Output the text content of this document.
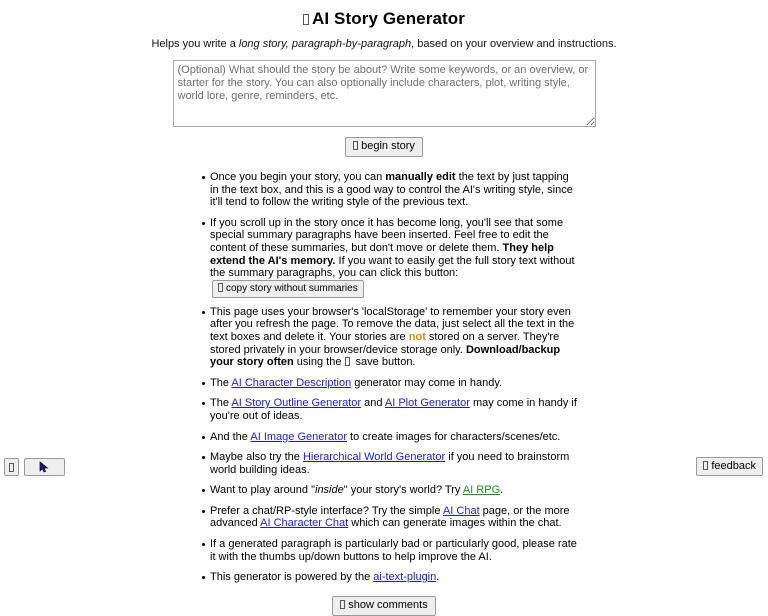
AI Story Generator

Helps you write a long story, paragraph-by-paragraph, based on your overview and instructions.

(Optional) What should the story be about? Write some keywords, or an overview, or starter for the story. You can also optionally include characters, plot, writing style, world lore, genre, reminders, etc.
begin story
Once you begin your story, you can manually edit the text by just tapping in the text box, and this is a good way to control the AI's writing style, since it'll tend to follow the writing style of the previous text.
If you scroll up in the story once it has become long, you'll see that some special summary paragraphs have been inserted. Feel free to edit the content of these summaries, but don't move or delete them. They help extend the AI's memory. If you want to easily get the full story text without the summary paragraphs, you can click this button:copy story without summaries
This page uses your browser's 'localStorage' to remember your story even after you refresh the page. To remove the data, just select all the text in the text boxes and delete it. Your stories are not stored on a server. They're stored privately in your browser/device storage only. Download/backup your story often using the  save button.
The AI Character Description generator may come in handy.
The AI Story Outline Generator and AI Plot Generator may come in handy if you're out of ideas.
And the AI Image Generator to create images for characters/scenes/etc.
Maybe also try the Hierarchical World Generator if you need to brainstorm world building ideas.
Want to play around "inside" your story's world? Try AI RPG.
Prefer a chat/RP-style interface? Try the simple AI Chat page, or the more advanced AI Character Chat which can generate images within the chat.
If a generated paragraph is particularly bad or particularly good, please rate it with the thumbs up/down buttons to help improve the AI.
This generator is powered by the ai-text-plugin.
show comments
feedback
